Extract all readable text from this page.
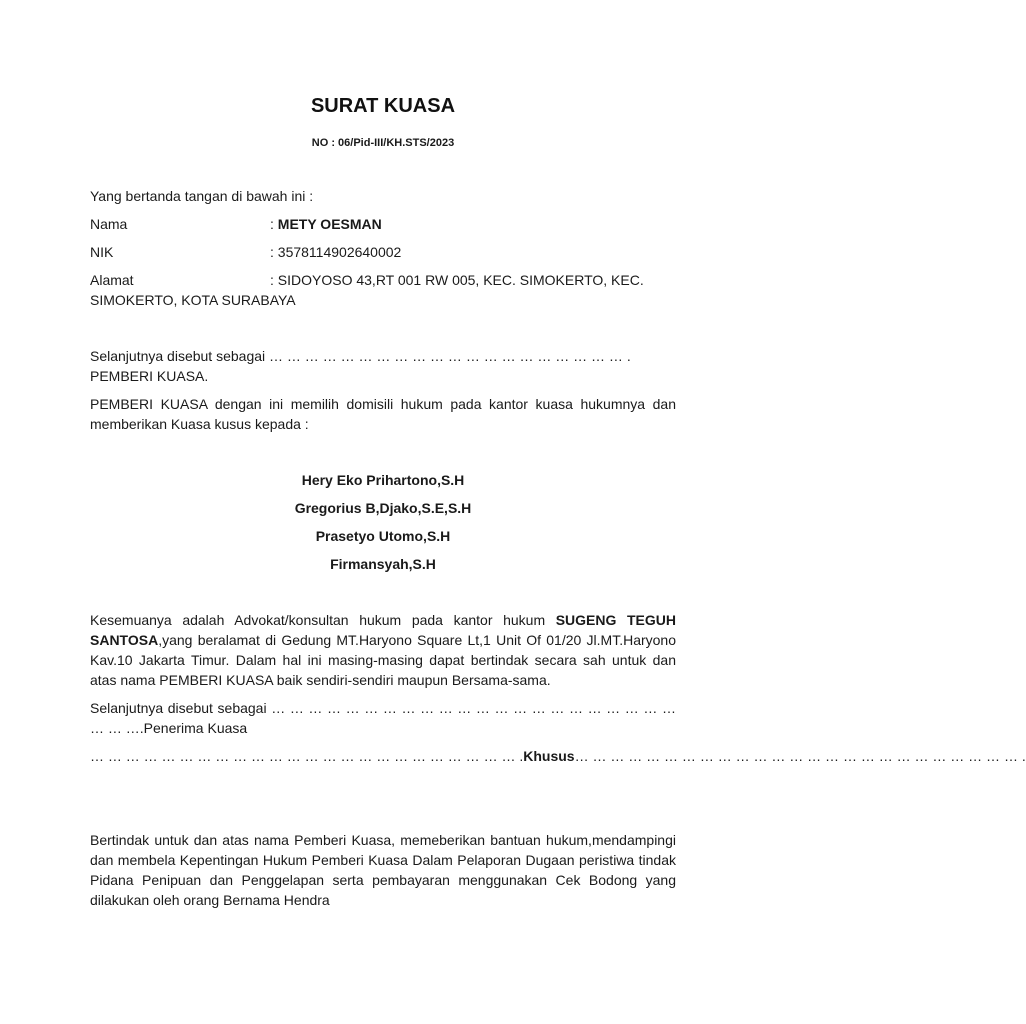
SURAT KUASA
NO : 06/Pid-III/KH.STS/2023

Yang bertanda tangan di bawah ini :

Nama	: METY OESMAN
NIK	: 3578114902640002
Alamat	: SIDOYOSO 43,RT 001 RW 005, KEC. SIMOKERTO, KEC.

SIMOKERTO, KOTA SURABAYA

Selanjutnya disebut sebagai … … … … … … … … … … … … … … … … … … … … . PEMBERI KUASA.

PEMBERI KUASA dengan ini memilih domisili hukum pada kantor kuasa hukumnya dan memberikan Kuasa kusus kepada :

Hery Eko Prihartono,S.H

Gregorius B,Djako,S.E,S.H

Prasetyo Utomo,S.H

Firmansyah,S.H

Kesemuanya adalah Advokat/konsultan hukum pada kantor hukum SUGENG TEGUH SANTOSA,yang beralamat di Gedung MT.Haryono Square Lt,1 Unit Of 01/20 Jl.MT.Haryono Kav.10 Jakarta Timur. Dalam hal ini masing-masing dapat bertindak secara sah untuk dan atas nama PEMBERI KUASA baik sendiri-sendiri maupun Bersama-sama.

Selanjutnya disebut sebagai … … … … … … … … … … … … … … … … … … … … … … … … ….Penerima Kuasa

… … … … … … … … … … … … … … … … … … … … … … … … . Khusus … … … … … … … … … … … … … … … … … … … … … … … … … .

Bertindak untuk dan atas nama Pemberi Kuasa, memeberikan bantuan hukum,mendampingi dan membela Kepentingan Hukum Pemberi Kuasa Dalam Pelaporan Dugaan peristiwa tindak Pidana Penipuan dan Penggelapan serta pembayaran menggunakan Cek Bodong yang dilakukan oleh orang Bernama Hendra
